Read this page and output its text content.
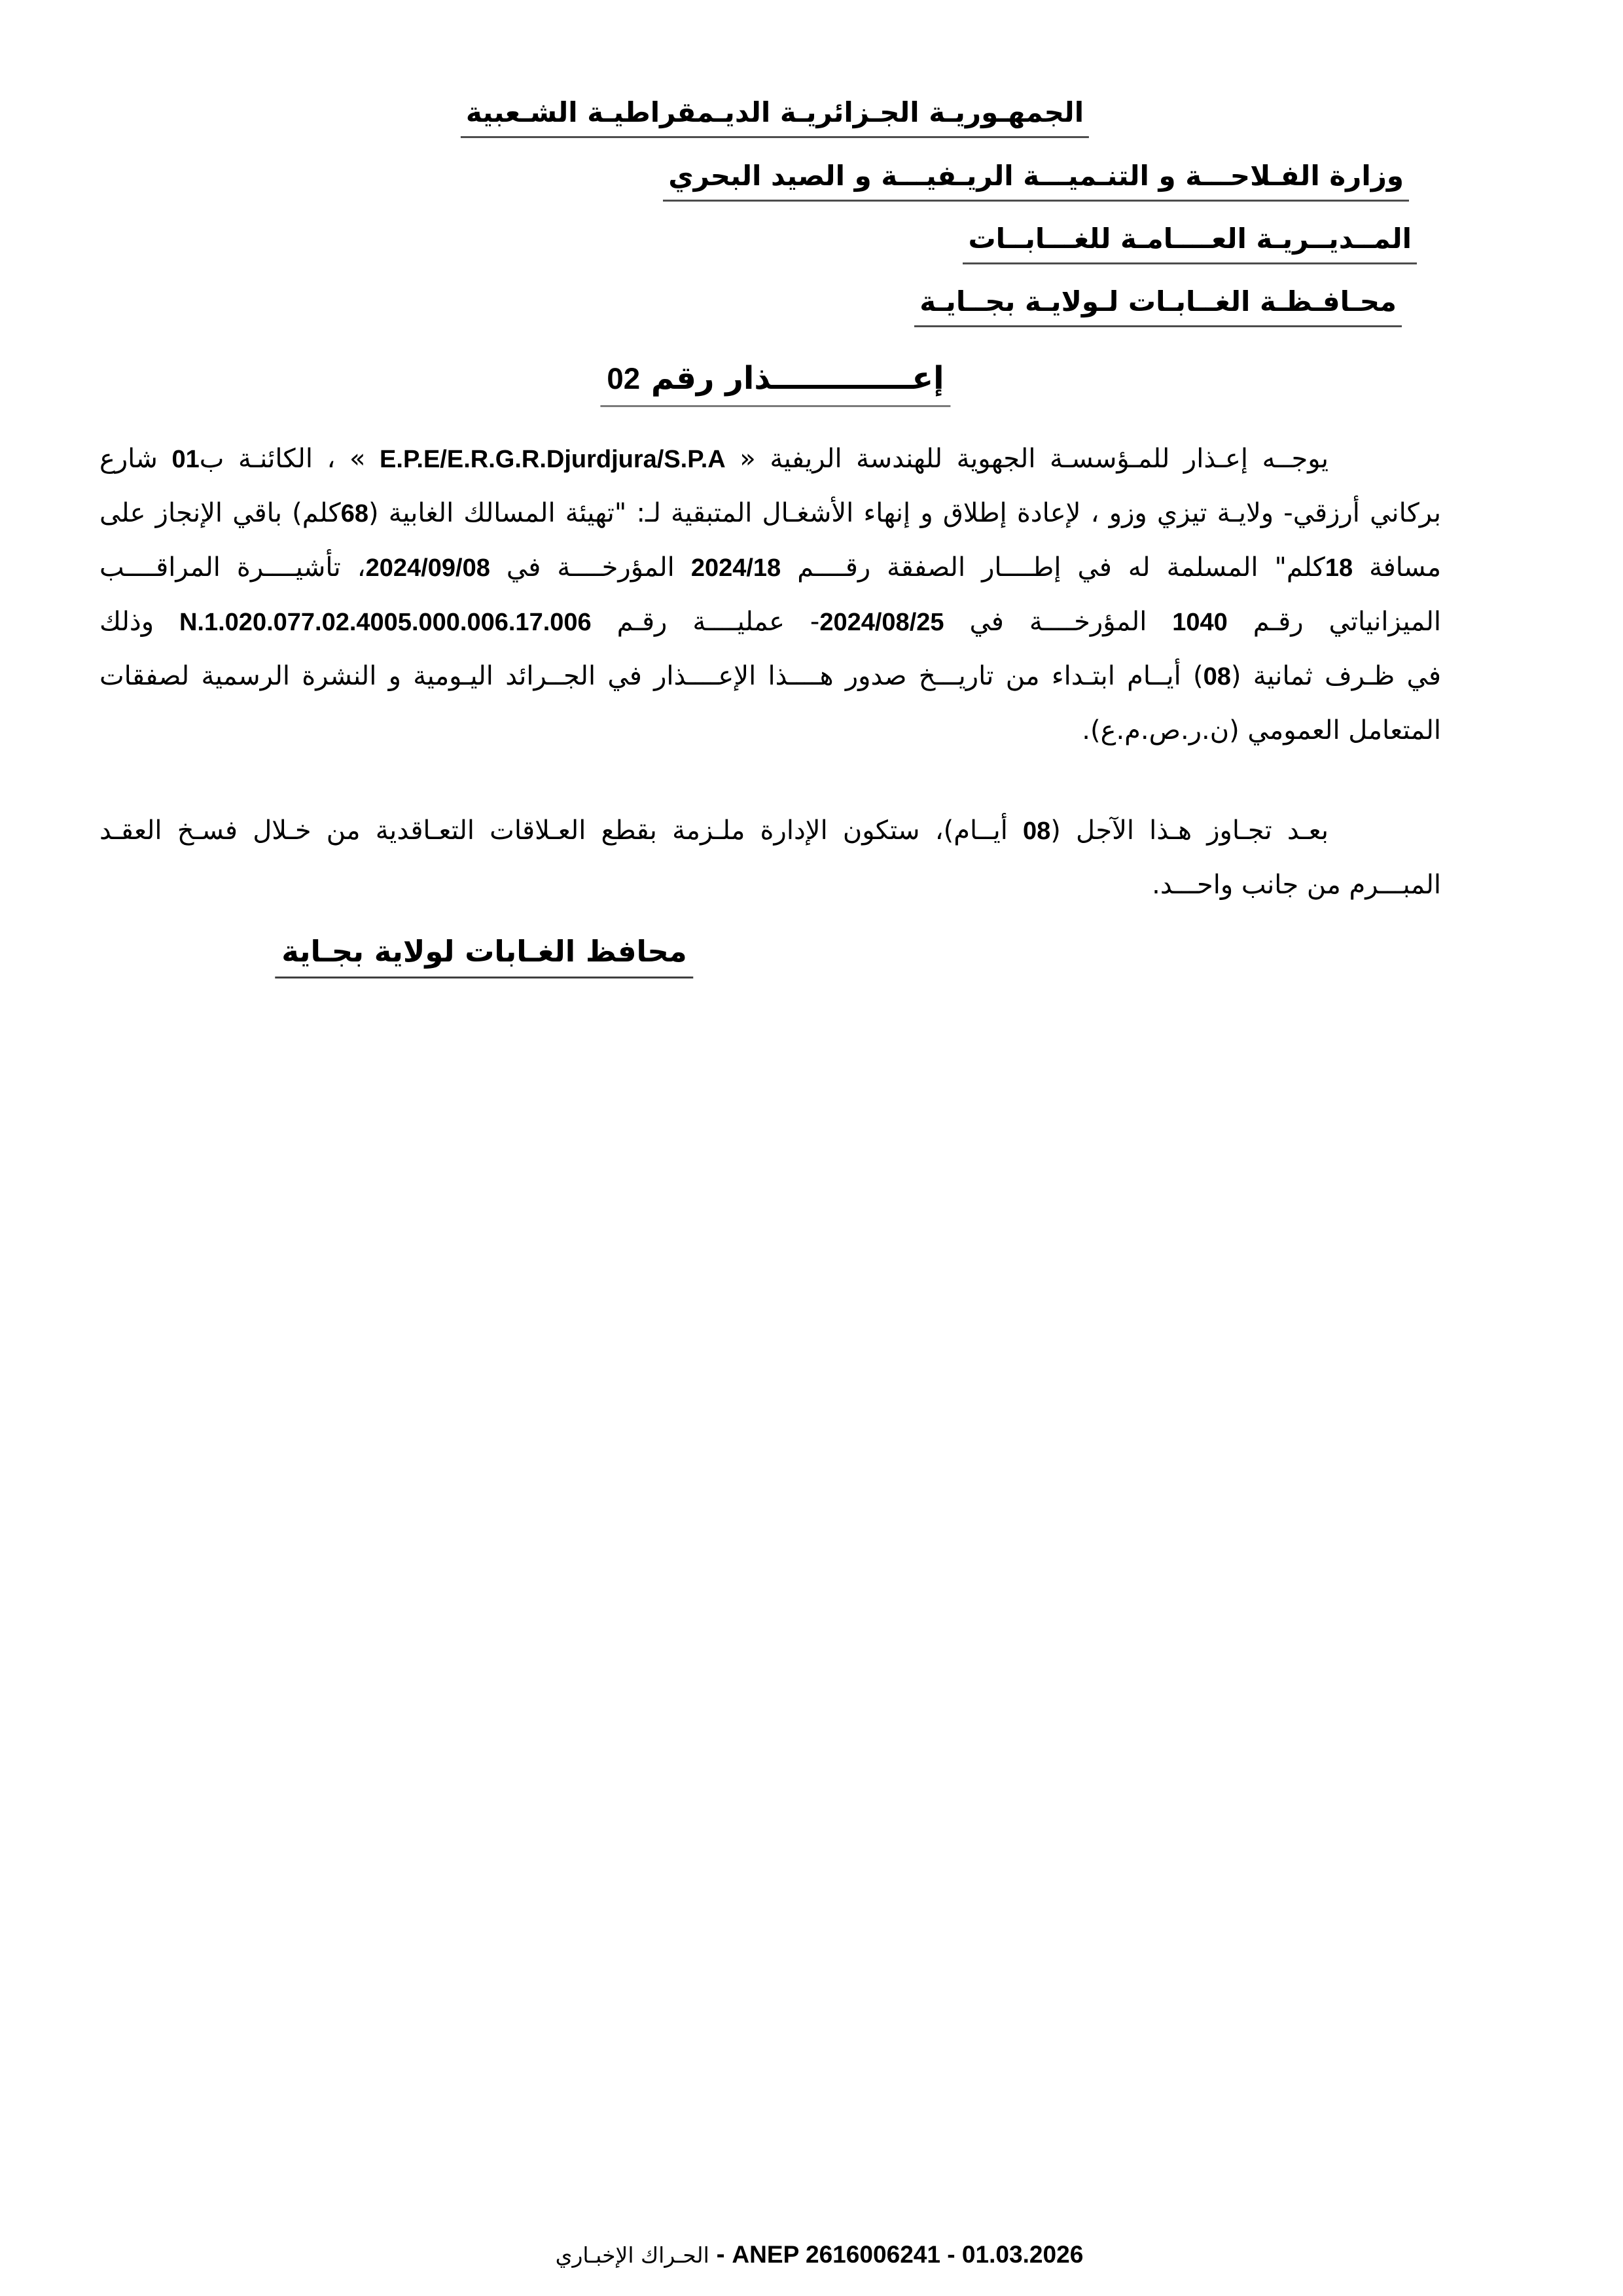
الجمهـوريـة الجـزائريـة الديـمقراطيـة الشـعبية
وزارة الفـلاحـــة و التنـميـــة الريـفيـــة و الصيد البحري
المــديــريـة العــــامـة للغـــابــات
محـافـظـة الغــابـات لـولايـة بجــايـة
إعـــــــــــــذار رقم 02
يوجــه إعـذار للمـؤسسـة الجهوية للهندسة الريفية « E.P.E/E.R.G.R.Djurdjura/S.P.A » ، الكائنـة ب01 شارع
بركاني أرزقي- ولايـة تيزي وزو ، لإعادة إطلاق و إنهاء الأشغـال المتبقية لـ: "تهيئة المسالك الغابية (68كلم) باقي الإنجاز على
مسافة 18كلم" المسلمة له في إطــــار الصفقة رقــــم 2024/18 المؤرخــــة في 2024/09/08، تأشيــــرة المراقــــب
الميزانياتي رقـم 1040 المؤرخــــة في 2024/08/25- عمليــــة رقـم N.1.020.077.02.4005.000.006.17.006 وذلك
في ظـرف ثمانية (08) أيــام ابتـداء من تاريـــخ صدور هــــذا الإعــــذار في الجــرائد اليـومية و النشرة الرسمية لصفقات
المتعامل العمومي (ن.ر.ص.م.ع).
بعـد تجـاوز هـذا الآجل (08 أيــام)، ستكون الإدارة ملـزمة بقطع العـلاقات التعـاقدية من خـلال فسـخ العقـد
المبـــرم من جانب واحـــد.
محافظ الغـابات لولاية بجـاية
الحـراك الإخبـاري - ANEP 2616006241 - 01.03.2026
